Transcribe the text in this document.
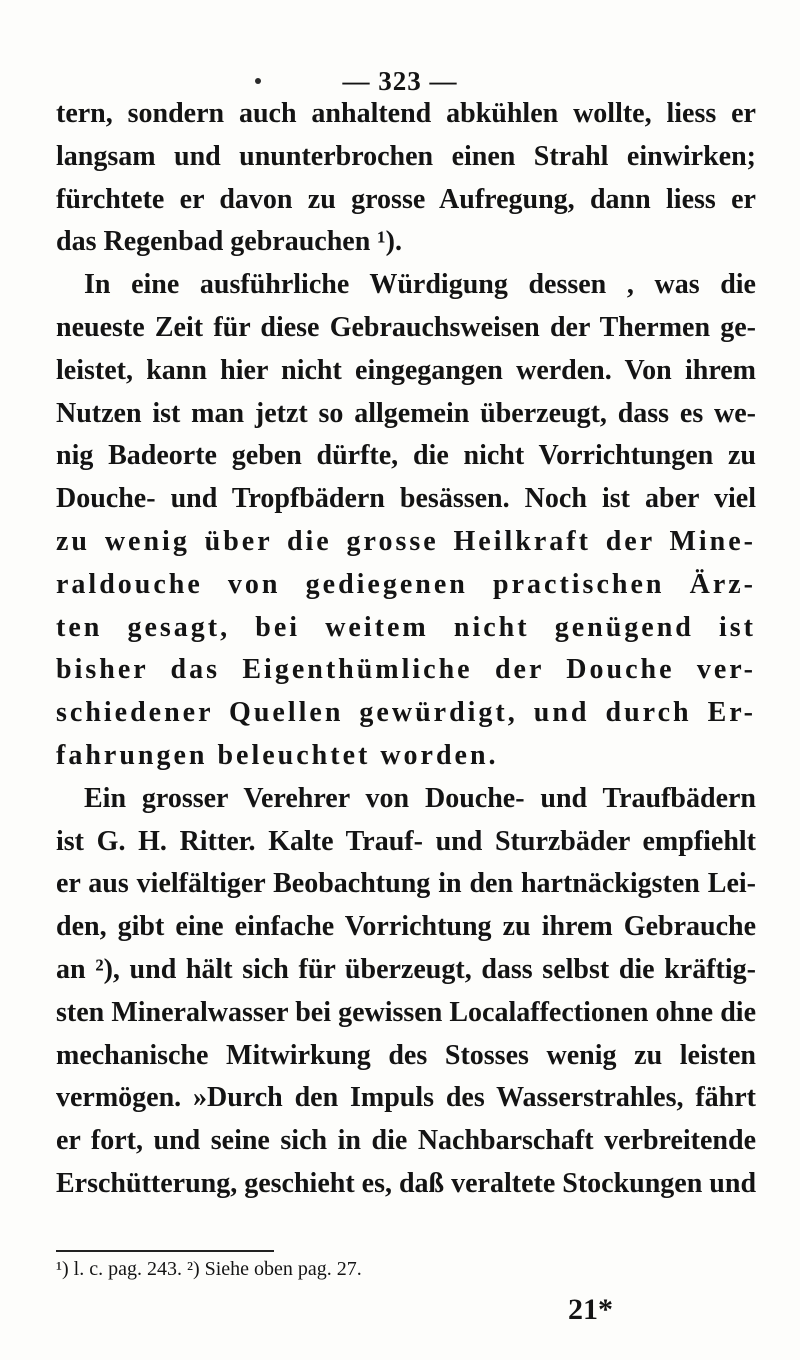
— 323 —
tern, sondern auch anhaltend abkühlen wollte, liess er
langsam und ununterbrochen einen Strahl einwirken;
fürchtete er davon zu grosse Aufregung, dann liess er
das Regenbad gebrauchen ¹).
In eine ausführliche Würdigung dessen , was die
neueste Zeit für diese Gebrauchsweisen der Thermen ge-
leistet, kann hier nicht eingegangen werden. Von ihrem
Nutzen ist man jetzt so allgemein überzeugt, dass es we-
nig Badeorte geben dürfte, die nicht Vorrichtungen zu
Douche- und Tropfbädern besässen. Noch ist aber viel
zu wenig über die grosse Heilkraft der Mine-
raldouche von gediegenen practischen Ärz-
ten gesagt, bei weitem nicht genügend ist
bisher das Eigenthümliche der Douche ver-
schiedener Quellen gewürdigt, und durch Er-
fahrungen beleuchtet worden.
Ein grosser Verehrer von Douche- und Traufbädern
ist G. H. Ritter. Kalte Trauf- und Sturzbäder empfiehlt
er aus vielfältiger Beobachtung in den hartnäckigsten Lei-
den, gibt eine einfache Vorrichtung zu ihrem Gebrauche
an ²), und hält sich für überzeugt, dass selbst die kräftig-
sten Mineralwasser bei gewissen Localaffectionen ohne die
mechanische Mitwirkung des Stosses wenig zu leisten
vermögen. »Durch den Impuls des Wasserstrahles, fährt
er fort, und seine sich in die Nachbarschaft verbreitende
Erschütterung, geschieht es, daß veraltete Stockungen und
¹) l. c. pag. 243. ²) Siehe oben pag. 27.
21*
